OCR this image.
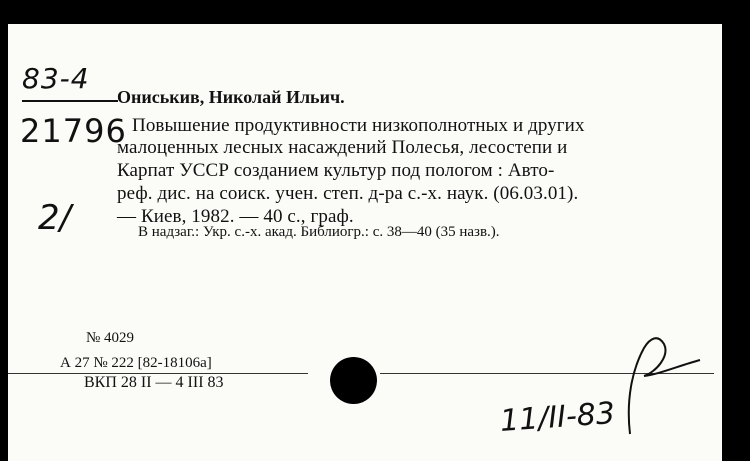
83-4
21796
2/
Ониськив, Николай Ильич.
Повышение продуктивности низкополнотных и других
малоценных лесных насаждений Полесья, лесостепи и
Карпат УССР созданием культур под пологом : Авто-
реф. дис. на соиск. учен. степ. д-ра с.-х. наук. (06.03.01).
— Киев, 1982. — 40 с., граф.
В надзаг.: Укр. с.-х. акад. Библиогр.: с. 38—40 (35 назв.).
№ 4029
А 27 № 222 [82-18106а]
ВКП 28 II — 4 III 83
11/II-83
